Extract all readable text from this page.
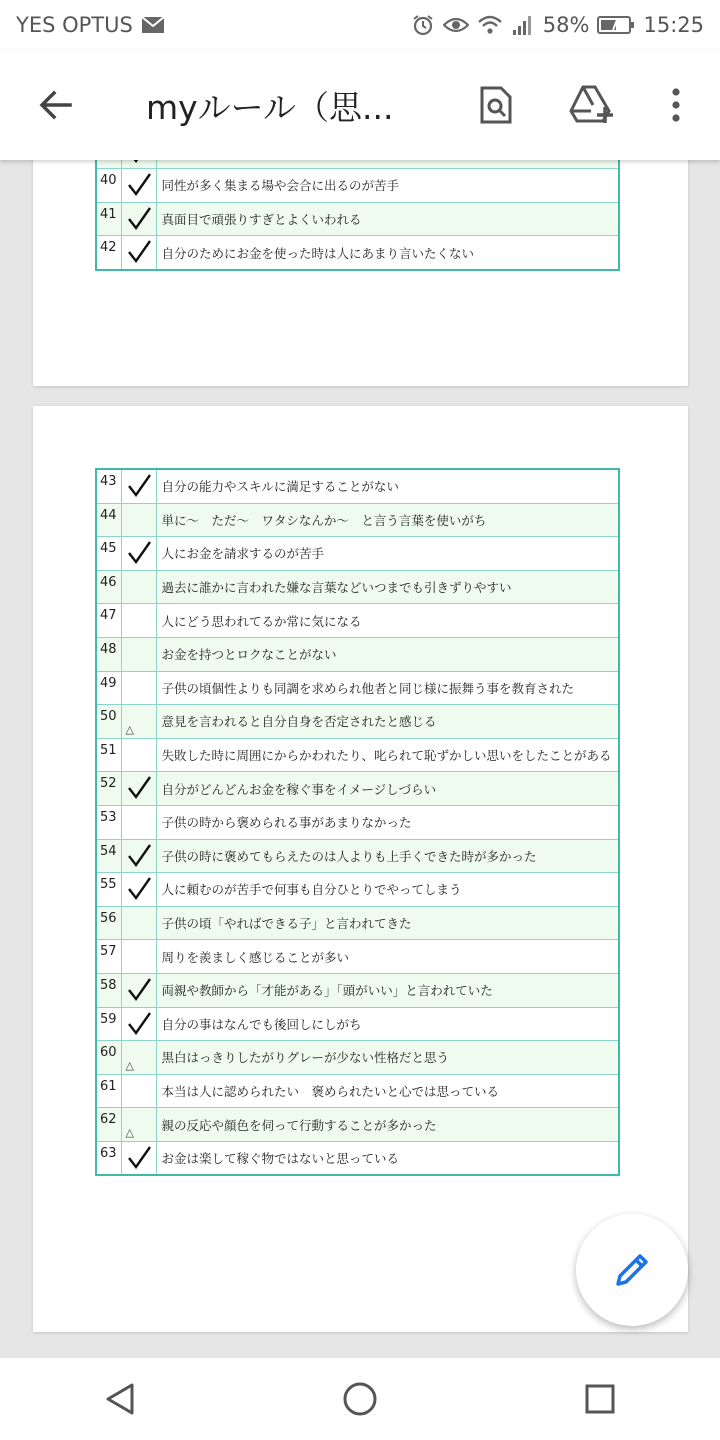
YES OPTUS	58%	15:25
myルール（思...

40		同性が多く集まる場や会合に出るのが苦手
41		真面目で頑張りすぎとよくいわれる
42		自分のためにお金を使った時は人にあまり言いたくない
43		自分の能力やスキルに満足することがない
44		単に〜　ただ〜　ワタシなんか〜　と言う言葉を使いがち
45		人にお金を請求するのが苦手
46		過去に誰かに言われた嫌な言葉などいつまでも引きずりやすい
47		人にどう思われてるか常に気になる
48		お金を持つとロクなことがない
49		子供の頃個性よりも同調を求められ他者と同じ様に振舞う事を教育された
50	△	意見を言われると自分自身を否定されたと感じる
51		失敗した時に周囲にからかわれたり、叱られて恥ずかしい思いをしたことがある
52		自分がどんどんお金を稼ぐ事をイメージしづらい
53		子供の時から褒められる事があまりなかった
54		子供の時に褒めてもらえたのは人よりも上手くできた時が多かった
55		人に頼むのが苦手で何事も自分ひとりでやってしまう
56		子供の頃「やればできる子」と言われてきた
57		周りを羨ましく感じることが多い
58		両親や教師から「才能がある」「頭がいい」と言われていた
59		自分の事はなんでも後回しにしがち
60	△	黒白はっきりしたがりグレーが少ない性格だと思う
61		本当は人に認められたい　褒められたいと心では思っている
62	△	親の反応や顔色を伺って行動することが多かった
63		お金は楽して稼ぐ物ではないと思っている
